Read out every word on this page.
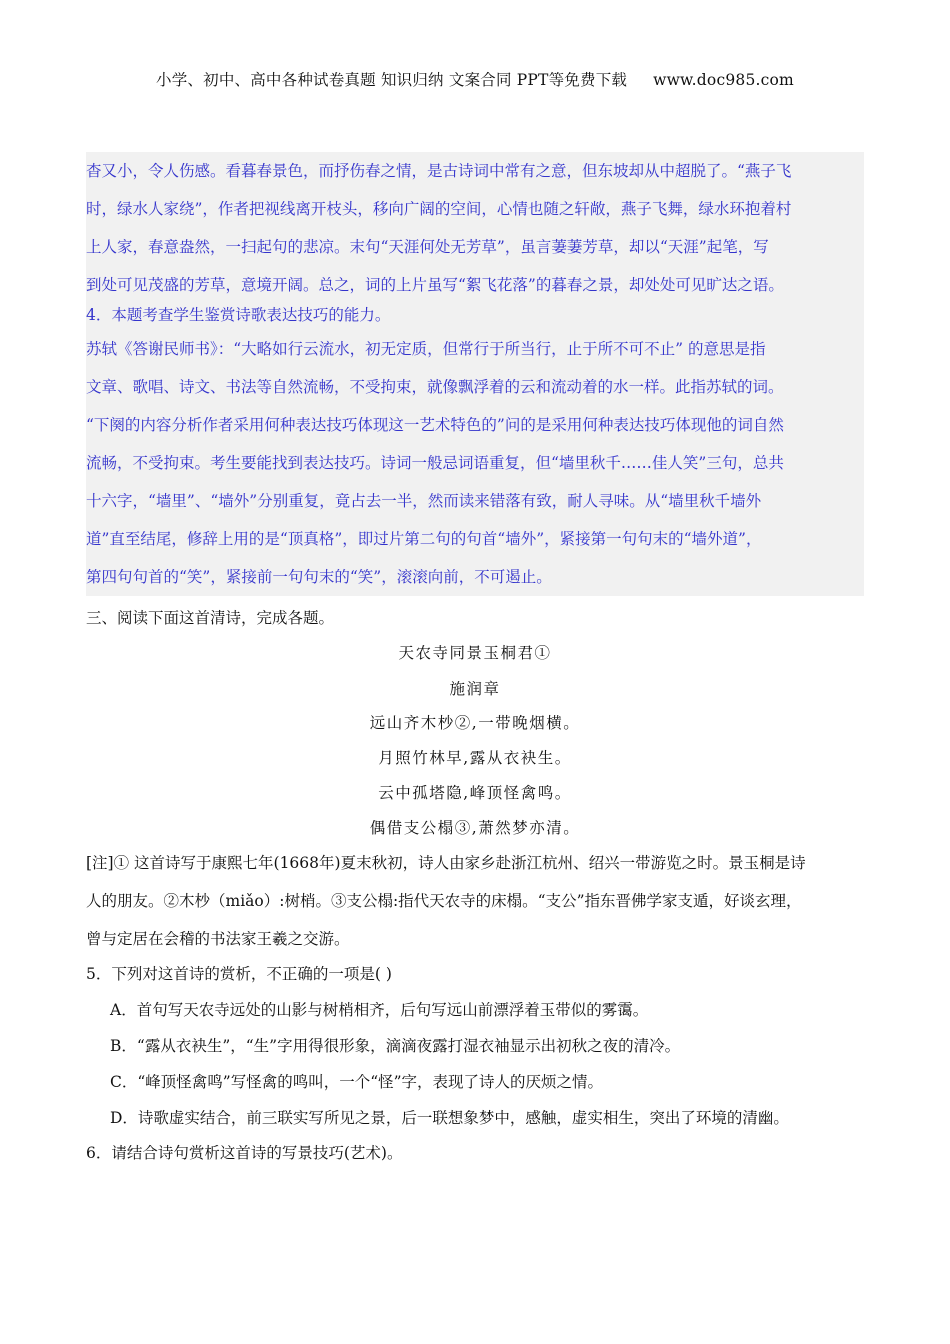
小学、初中、高中各种试卷真题 知识归纳 文案合同 PPT等免费下载 www.doc985.com

杳又小，令人伤感。看暮春景色，而抒伤春之情，是古诗词中常有之意，但东坡却从中超脱了。“燕子飞

时，绿水人家绕”，作者把视线离开枝头，移向广阔的空间，心情也随之轩敞，燕子飞舞，绿水环抱着村

上人家，春意盎然，一扫起句的悲凉。末句“天涯何处无芳草”，虽言萋萋芳草，却以“天涯”起笔，写

到处可见茂盛的芳草，意境开阔。总之，词的上片虽写“絮飞花落”的暮春之景，却处处可见旷达之语。

4．本题考查学生鉴赏诗歌表达技巧的能力。

苏轼《答谢民师书》：“大略如行云流水，初无定质，但常行于所当行，止于所不可不止” 的意思是指

文章、歌唱、诗文、书法等自然流畅，不受拘束，就像飘浮着的云和流动着的水一样。此指苏轼的词。

“下阕的内容分析作者采用何种表达技巧体现这一艺术特色的”问的是采用何种表达技巧体现他的词自然

流畅，不受拘束。考生要能找到表达技巧。诗词一般忌词语重复，但“墙里秋千……佳人笑”三句，总共

十六字，“墙里”、“墙外”分别重复，竟占去一半，然而读来错落有致，耐人寻味。从“墙里秋千墙外

道”直至结尾，修辞上用的是“顶真格”，即过片第二句的句首“墙外”，紧接第一句句末的“墙外道”，

第四句句首的“笑”，紧接前一句句末的“笑”，滚滚向前，不可遏止。

三、阅读下面这首清诗，完成各题。
天农寺同景玉桐君①
施润章
远山齐木杪②,一带晚烟横。
月照竹林早,露从衣袂生。
云中孤塔隐,峰顶怪禽鸣。
偶借支公榻③,萧然梦亦清。
[注]① 这首诗写于康熙七年(1668年)夏末秋初，诗人由家乡赴浙江杭州、绍兴一带游览之时。景玉桐是诗
人的朋友。②木杪（miǎo）:树梢。③支公榻:指代天农寺的床榻。“支公”指东晋佛学家支遁，好谈玄理，
曾与定居在会稽的书法家王羲之交游。
5．下列对这首诗的赏析，不正确的一项是( )
A．首句写天农寺远处的山影与树梢相齐，后句写远山前漂浮着玉带似的雾霭。
B．“露从衣袂生”，“生”字用得很形象，滴滴夜露打湿衣袖显示出初秋之夜的清冷。
C．“峰顶怪禽鸣”写怪禽的鸣叫，一个“怪”字，表现了诗人的厌烦之情。
D．诗歌虚实结合，前三联实写所见之景，后一联想象梦中，感触，虚实相生，突出了环境的清幽。
6．请结合诗句赏析这首诗的写景技巧(艺术)。
